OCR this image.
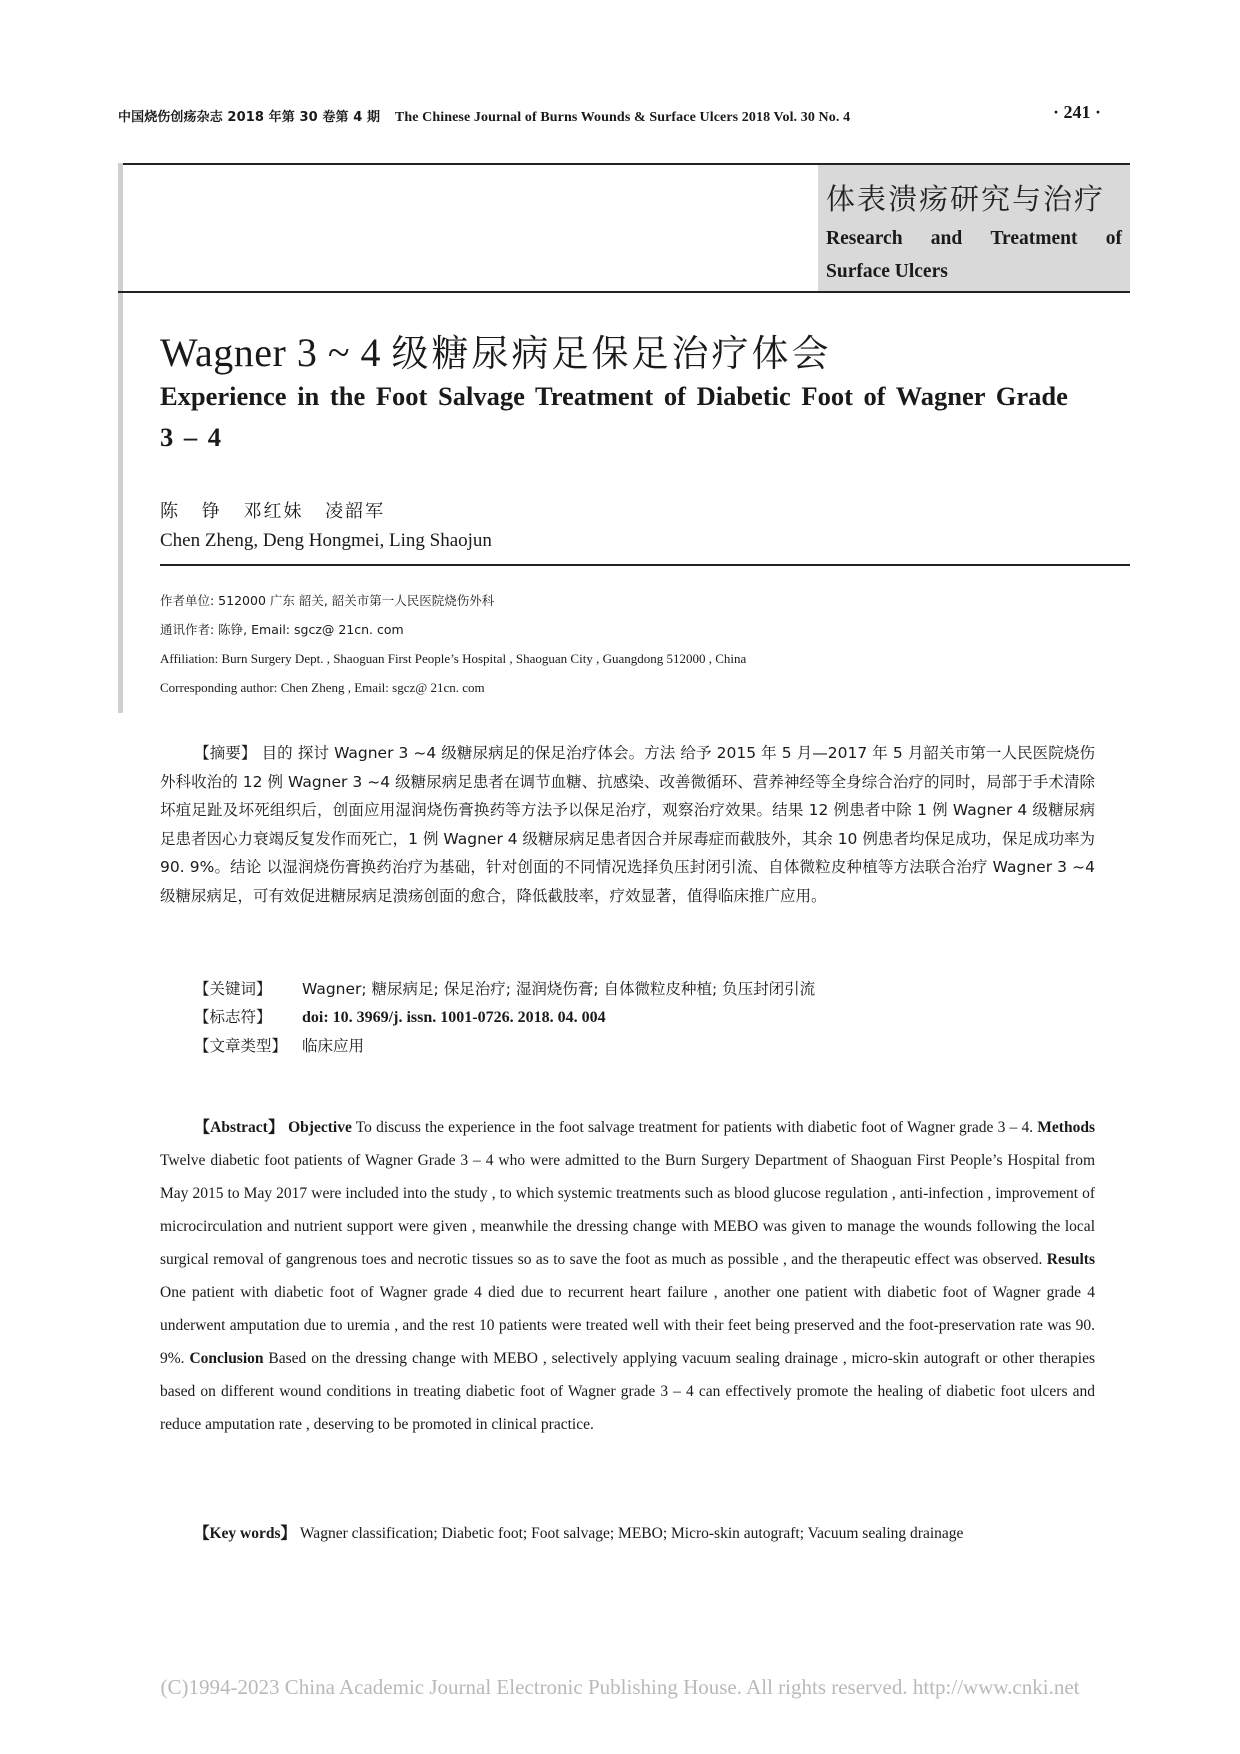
中国烧伤创疡杂志 2018 年第 30 卷第 4 期 The Chinese Journal of Burns Wounds & Surface Ulcers 2018 Vol. 30 No. 4	· 241 ·
体表溃疡研究与治疗
Research and Treatment of
Surface Ulcers
Wagner 3 ~ 4 级糖尿病足保足治疗体会
Experience in the Foot Salvage Treatment of Diabetic Foot of Wagner Grade 3 – 4
陈 铮 邓红妹 凌韶军
Chen Zheng, Deng Hongmei, Ling Shaojun
作者单位: 512000 广东 韶关, 韶关市第一人民医院烧伤外科
通讯作者: 陈铮, Email: sgcz@ 21cn. com
Affiliation: Burn Surgery Dept. , Shaoguan First People’s Hospital , Shaoguan City , Guangdong 512000 , China
Corresponding author: Chen Zheng , Email: sgcz@ 21cn. com
【摘要】 目的 探讨 Wagner 3 ~4 级糖尿病足的保足治疗体会。方法 给予 2015 年 5 月—2017 年 5 月韶关市第一人民医院烧伤外科收治的 12 例 Wagner 3 ~4 级糖尿病足患者在调节血糖、抗感染、改善微循环、营养神经等全身综合治疗的同时，局部于手术清除坏疽足趾及坏死组织后，创面应用湿润烧伤膏换药等方法予以保足治疗，观察治疗效果。结果 12 例患者中除 1 例 Wagner 4 级糖尿病足患者因心力衰竭反复发作而死亡，1 例 Wagner 4 级糖尿病足患者因合并尿毒症而截肢外，其余 10 例患者均保足成功，保足成功率为 90. 9%。结论 以湿润烧伤膏换药治疗为基础，针对创面的不同情况选择负压封闭引流、自体微粒皮种植等方法联合治疗 Wagner 3 ~4 级糖尿病足，可有效促进糖尿病足溃疡创面的愈合，降低截肢率，疗效显著，值得临床推广应用。
【关键词】 Wagner; 糖尿病足; 保足治疗; 湿润烧伤膏; 自体微粒皮种植; 负压封闭引流
【标志符】 doi: 10. 3969/j. issn. 1001-0726. 2018. 04. 004
【文章类型】 临床应用
【Abstract】 Objective To discuss the experience in the foot salvage treatment for patients with diabetic foot of Wagner grade 3 – 4. Methods Twelve diabetic foot patients of Wagner Grade 3 – 4 who were admitted to the Burn Surgery Department of Shaoguan First People’s Hospital from May 2015 to May 2017 were included into the study , to which systemic treatments such as blood glucose regulation , anti-infection , improvement of microcirculation and nutrient support were given , meanwhile the dressing change with MEBO was given to manage the wounds following the local surgical removal of gangrenous toes and necrotic tissues so as to save the foot as much as possible , and the therapeutic effect was observed. Results One patient with diabetic foot of Wagner grade 4 died due to recurrent heart failure , another one patient with diabetic foot of Wagner grade 4 underwent amputation due to uremia , and the rest 10 patients were treated well with their feet being preserved and the foot-preservation rate was 90. 9%. Conclusion Based on the dressing change with MEBO , selectively applying vacuum sealing drainage , micro-skin autograft or other therapies based on different wound conditions in treating diabetic foot of Wagner grade 3 – 4 can effectively promote the healing of diabetic foot ulcers and reduce amputation rate , deserving to be promoted in clinical practice.
【Key words】 Wagner classification; Diabetic foot; Foot salvage; MEBO; Micro-skin autograft; Vacuum sealing drainage
(C)1994-2023 China Academic Journal Electronic Publishing House. All rights reserved. http://www.cnki.net
